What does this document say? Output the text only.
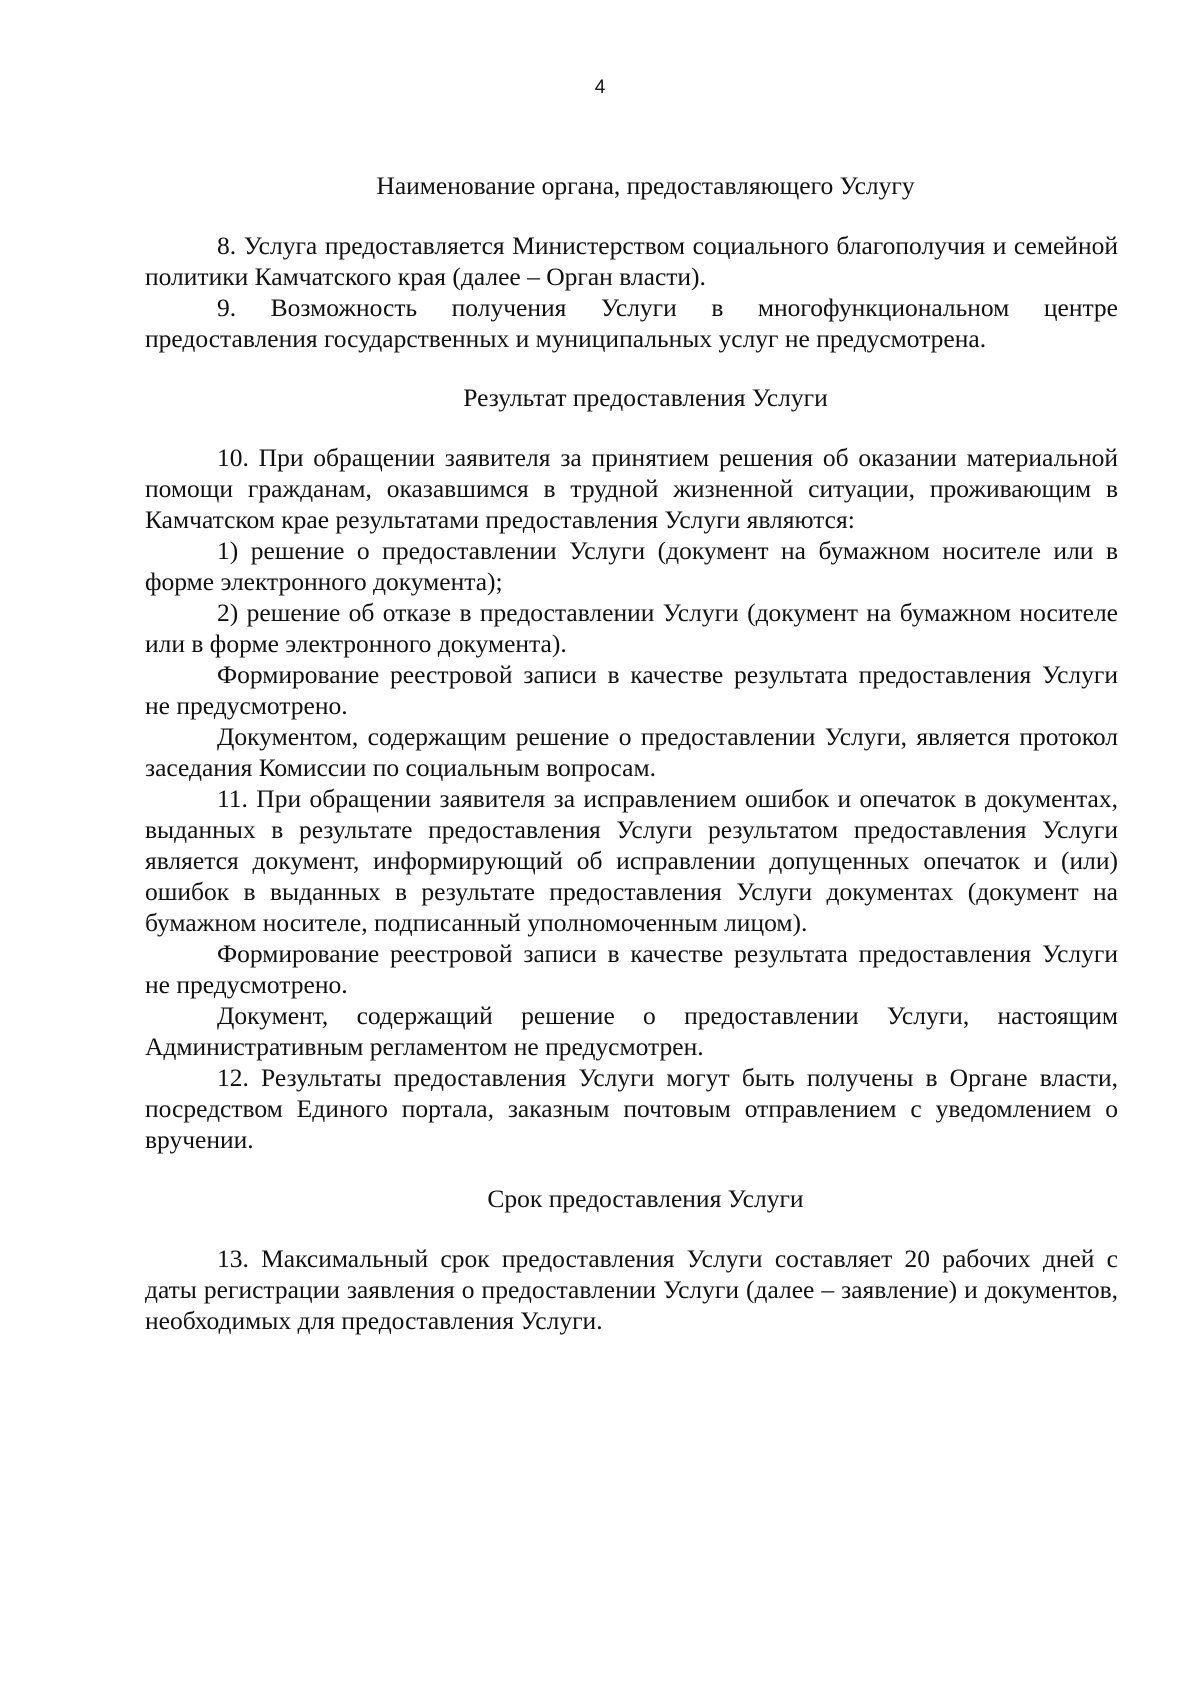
4
Наименование органа, предоставляющего Услугу

8. Услуга предоставляется Министерством социального благополучия и семейной политики Камчатского края (далее – Орган власти).

9. Возможность получения Услуги в многофункциональном центре предоставления государственных и муниципальных услуг не предусмотрена.

Результат предоставления Услуги

10. При обращении заявителя за принятием решения об оказании материальной помощи гражданам, оказавшимся в трудной жизненной ситуации, проживающим в Камчатском крае результатами предоставления Услуги являются:

1) решение о предоставлении Услуги (документ на бумажном носителе или в форме электронного документа);

2) решение об отказе в предоставлении Услуги (документ на бумажном носителе или в форме электронного документа).

Формирование реестровой записи в качестве результата предоставления Услуги не предусмотрено.

Документом, содержащим решение о предоставлении Услуги, является протокол заседания Комиссии по социальным вопросам.

11. При обращении заявителя за исправлением ошибок и опечаток в документах, выданных в результате предоставления Услуги результатом предоставления Услуги является документ, информирующий об исправлении допущенных опечаток и (или) ошибок в выданных в результате предоставления Услуги документах (документ на бумажном носителе, подписанный уполномоченным лицом).

Формирование реестровой записи в качестве результата предоставления Услуги не предусмотрено.

Документ, содержащий решение о предоставлении Услуги, настоящим Административным регламентом не предусмотрен.

12. Результаты предоставления Услуги могут быть получены в Органе власти, посредством Единого портала, заказным почтовым отправлением с уведомлением о вручении.

Срок предоставления Услуги

13. Максимальный срок предоставления Услуги составляет 20 рабочих дней с даты регистрации заявления о предоставлении Услуги (далее – заявление) и документов, необходимых для предоставления Услуги.
